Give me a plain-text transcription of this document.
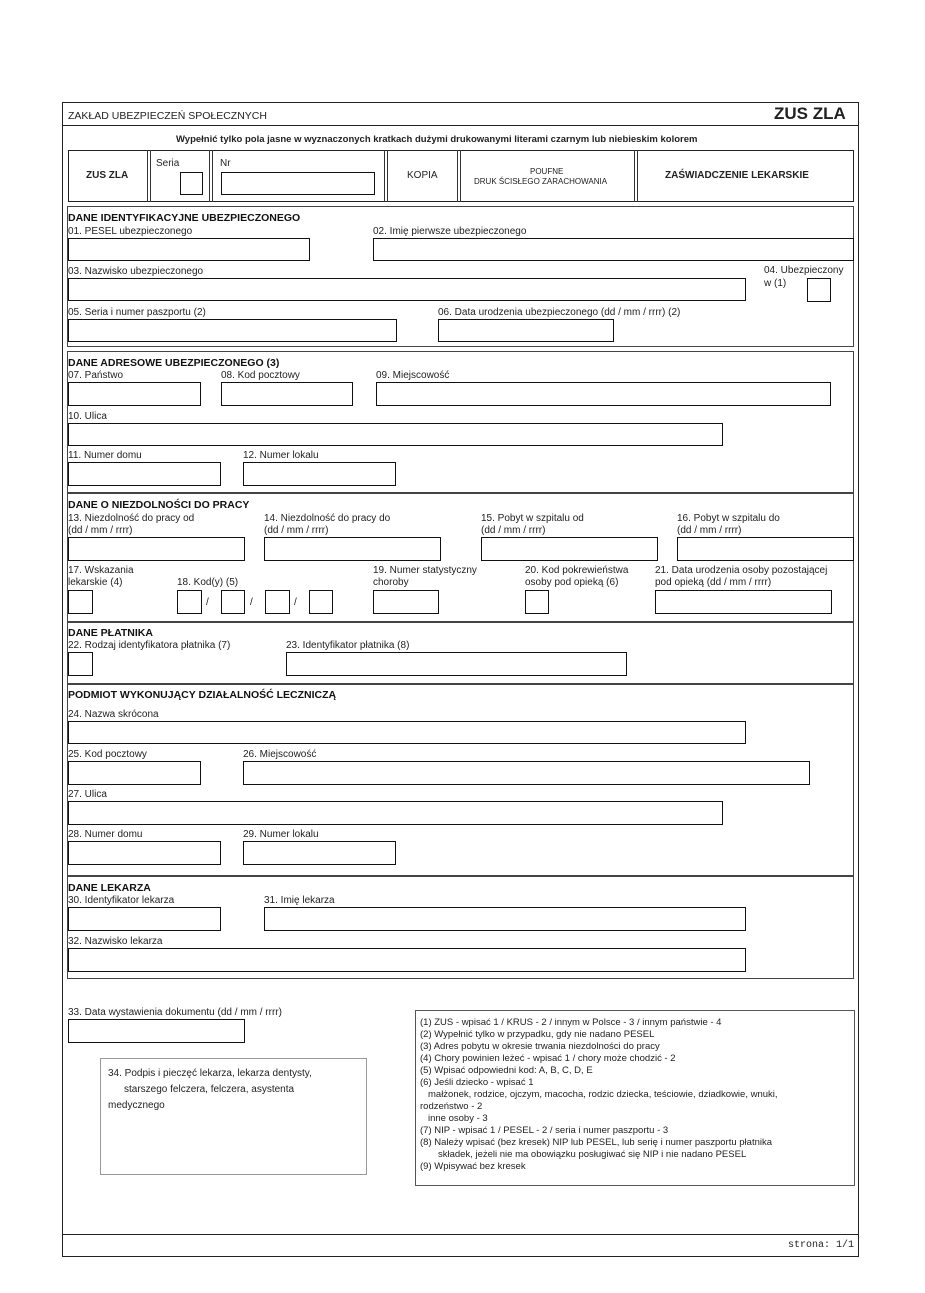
ZAKŁAD UBEZPIECZEŃ SPOŁECZNYCH	ZUS ZLA
Wypełnić tylko pola jasne w wyznaczonych kratkach dużymi drukowanymi literami czarnym lub niebieskim kolorem
ZUS ZLA
Seria	Nr
KOPIA	POUFNE
DRUK ŚCISŁEGO ZARACHOWANIA
ZAŚWIADCZENIE LEKARSKIE
DANE IDENTYFIKACYJNE UBEZPIECZONEGO
01. PESEL ubezpieczonego	02. Imię pierwsze ubezpieczonego
03. Nazwisko ubezpieczonego	04. Ubezpieczony
w (1)
05. Seria i numer paszportu (2)	06. Data urodzenia ubezpieczonego (dd / mm / rrrr) (2)
DANE ADRESOWE UBEZPIECZONEGO (3)
07. Państwo	08. Kod pocztowy	09. Miejscowość
10. Ulica
11. Numer domu	12. Numer lokalu
DANE O NIEZDOLNOŚCI DO PRACY
13. Niezdolność do pracy od
(dd / mm / rrrr)
14. Niezdolność do pracy do
(dd / mm / rrrr)
15. Pobyt w szpitalu od
(dd / mm / rrrr)
16. Pobyt w szpitalu do
(dd / mm / rrrr)
17. Wskazania
lekarskie (4)	18. Kod(y) (5)
/	/	/
19. Numer statystyczny
choroby
20. Kod pokrewieństwa
osoby pod opieką (6)
21. Data urodzenia osoby pozostającej
pod opieką (dd / mm / rrrr)
DANE PŁATNIKA
22. Rodzaj identyfikatora płatnika (7)	23. Identyfikator płatnika (8)
PODMIOT WYKONUJĄCY DZIAŁALNOŚĆ LECZNICZĄ
24. Nazwa skrócona
25. Kod pocztowy	26. Miejscowość
27. Ulica
28. Numer domu	29. Numer lokalu
DANE LEKARZA
30. Identyfikator lekarza	31. Imię lekarza
32. Nazwisko lekarza
33. Data wystawienia dokumentu (dd / mm / rrrr)
34. Podpis i pieczęć lekarza, lekarza dentysty,
starszego felczera, felczera, asystenta
medycznego
(1) ZUS - wpisać 1 / KRUS - 2 / innym w Polsce - 3 / innym państwie - 4
(2) Wypełnić tylko w przypadku, gdy nie nadano PESEL
(3) Adres pobytu w okresie trwania niezdolności do pracy
(4) Chory powinien leżeć - wpisać 1 / chory może chodzić - 2
(5) Wpisać odpowiedni kod: A, B, C, D, E
(6) Jeśli dziecko - wpisać 1
małżonek, rodzice, ojczym, macocha, rodzic dziecka, teściowie, dziadkowie, wnuki,
rodzeństwo - 2
inne osoby - 3
(7) NIP - wpisać 1 / PESEL - 2 / seria i numer paszportu - 3
(8) Należy wpisać (bez kresek) NIP lub PESEL, lub serię i numer paszportu płatnika
składek, jeżeli nie ma obowiązku posługiwać się NIP i nie nadano PESEL
(9) Wpisywać bez kresek
strona: 1/1
